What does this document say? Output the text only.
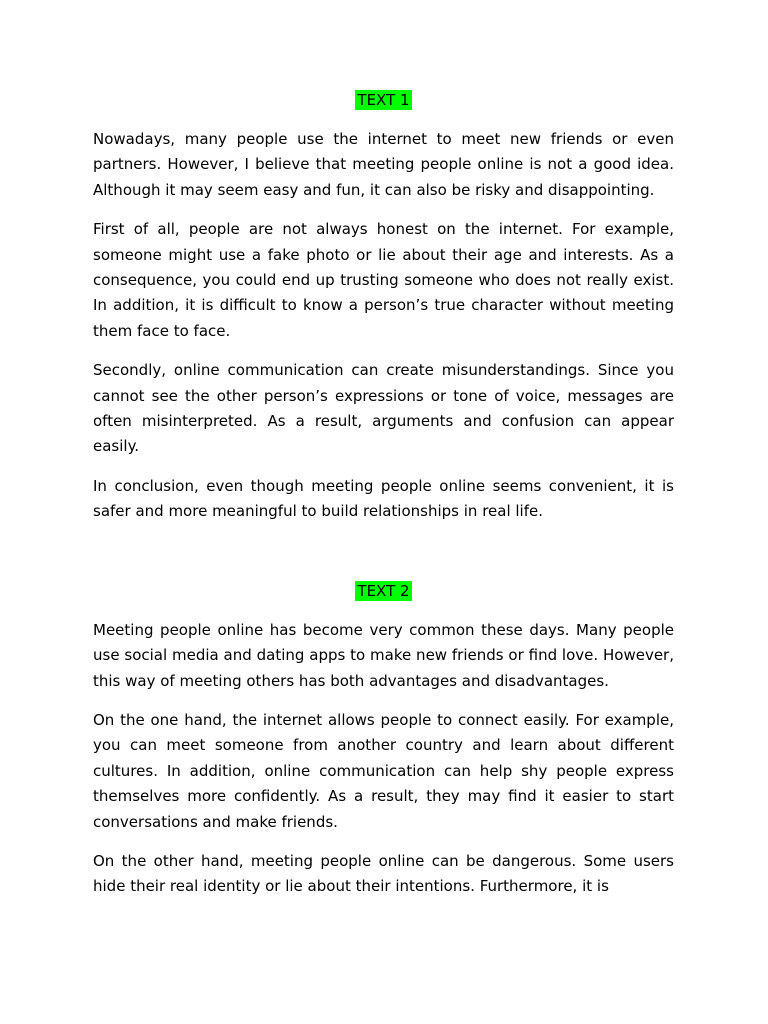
TEXT 1

Nowadays, many people use the internet to meet new friends or even partners. However, I believe that meeting people online is not a good idea. Although it may seem easy and fun, it can also be risky and disappointing.

First of all, people are not always honest on the internet. For example, someone might use a fake photo or lie about their age and interests. As a consequence, you could end up trusting someone who does not really exist. In addition, it is difficult to know a person’s true character without meeting them face to face.

Secondly, online communication can create misunderstandings. Since you cannot see the other person’s expressions or tone of voice, messages are often misinterpreted. As a result, arguments and confusion can appear easily.

In conclusion, even though meeting people online seems convenient, it is safer and more meaningful to build relationships in real life.

TEXT 2

Meeting people online has become very common these days. Many people use social media and dating apps to make new friends or find love. However, this way of meeting others has both advantages and disadvantages.

On the one hand, the internet allows people to connect easily. For example, you can meet someone from another country and learn about different cultures. In addition, online communication can help shy people express themselves more confidently. As a result, they may find it easier to start conversations and make friends.

On the other hand, meeting people online can be dangerous. Some users hide their real identity or lie about their intentions. Furthermore, it is
